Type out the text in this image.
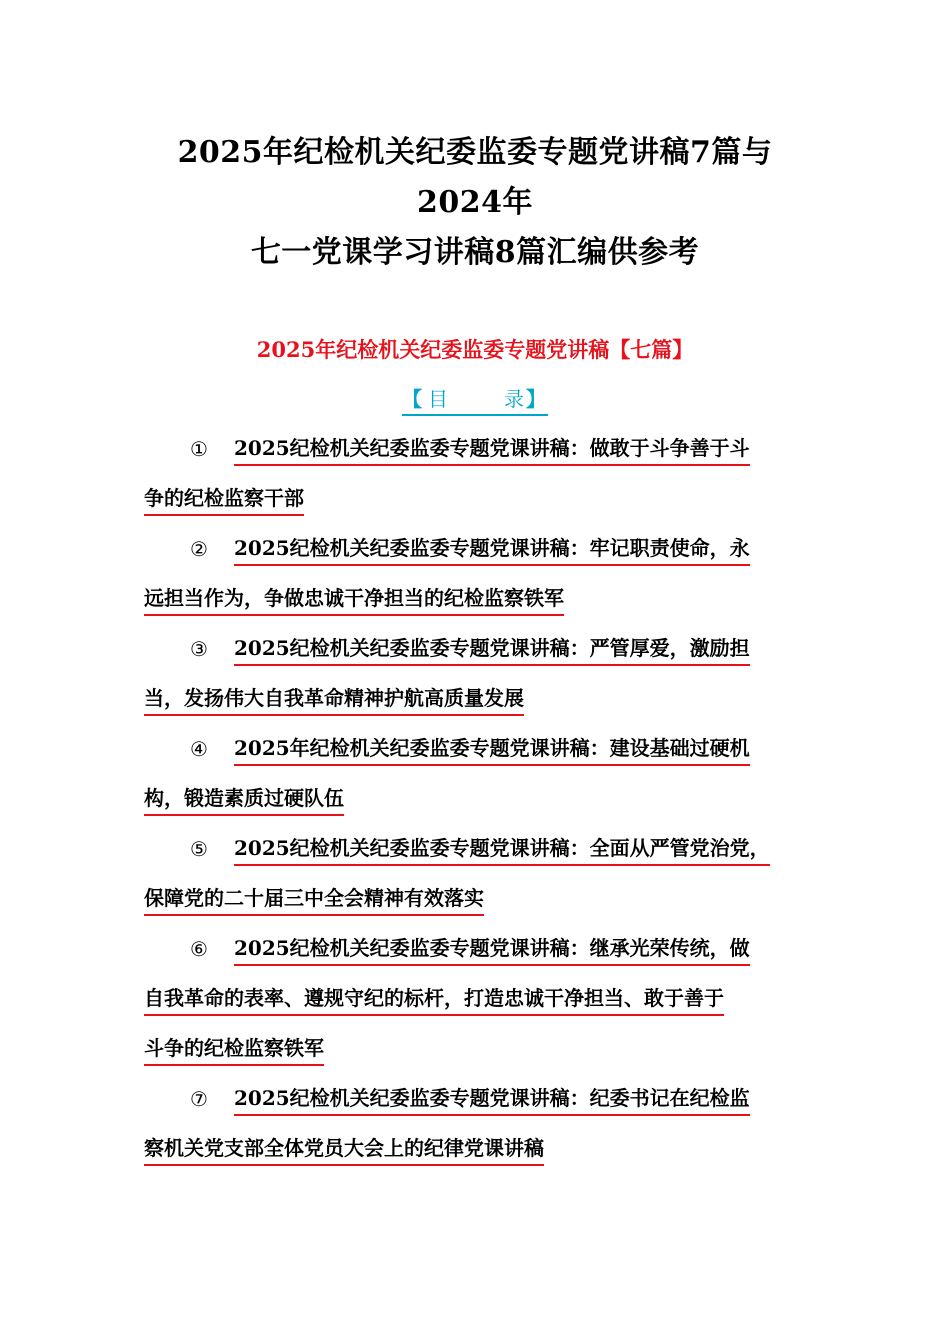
2025年纪检机关纪委监委专题党讲稿7篇与2024年
七一党课学习讲稿8篇汇编供参考
2025年纪检机关纪委监委专题党讲稿【七篇】
【 目	录 】
①	2025纪检机关纪委监委专题党课讲稿：做敢于斗争善于斗
争的纪检监察干部
②	2025纪检机关纪委监委专题党课讲稿：牢记职责使命，永
远担当作为，争做忠诚干净担当的纪检监察铁军
③	2025纪检机关纪委监委专题党课讲稿：严管厚爱，激励担
当，发扬伟大自我革命精神护航高质量发展
④	2025年纪检机关纪委监委专题党课讲稿：建设基础过硬机
构，锻造素质过硬队伍
⑤	2025纪检机关纪委监委专题党课讲稿：全面从严管党治党，
保障党的二十届三中全会精神有效落实
⑥	2025纪检机关纪委监委专题党课讲稿：继承光荣传统，做
自我革命的表率、遵规守纪的标杆，打造忠诚干净担当、敢于善于
斗争的纪检监察铁军
⑦	2025纪检机关纪委监委专题党课讲稿：纪委书记在纪检监
察机关党支部全体党员大会上的纪律党课讲稿
